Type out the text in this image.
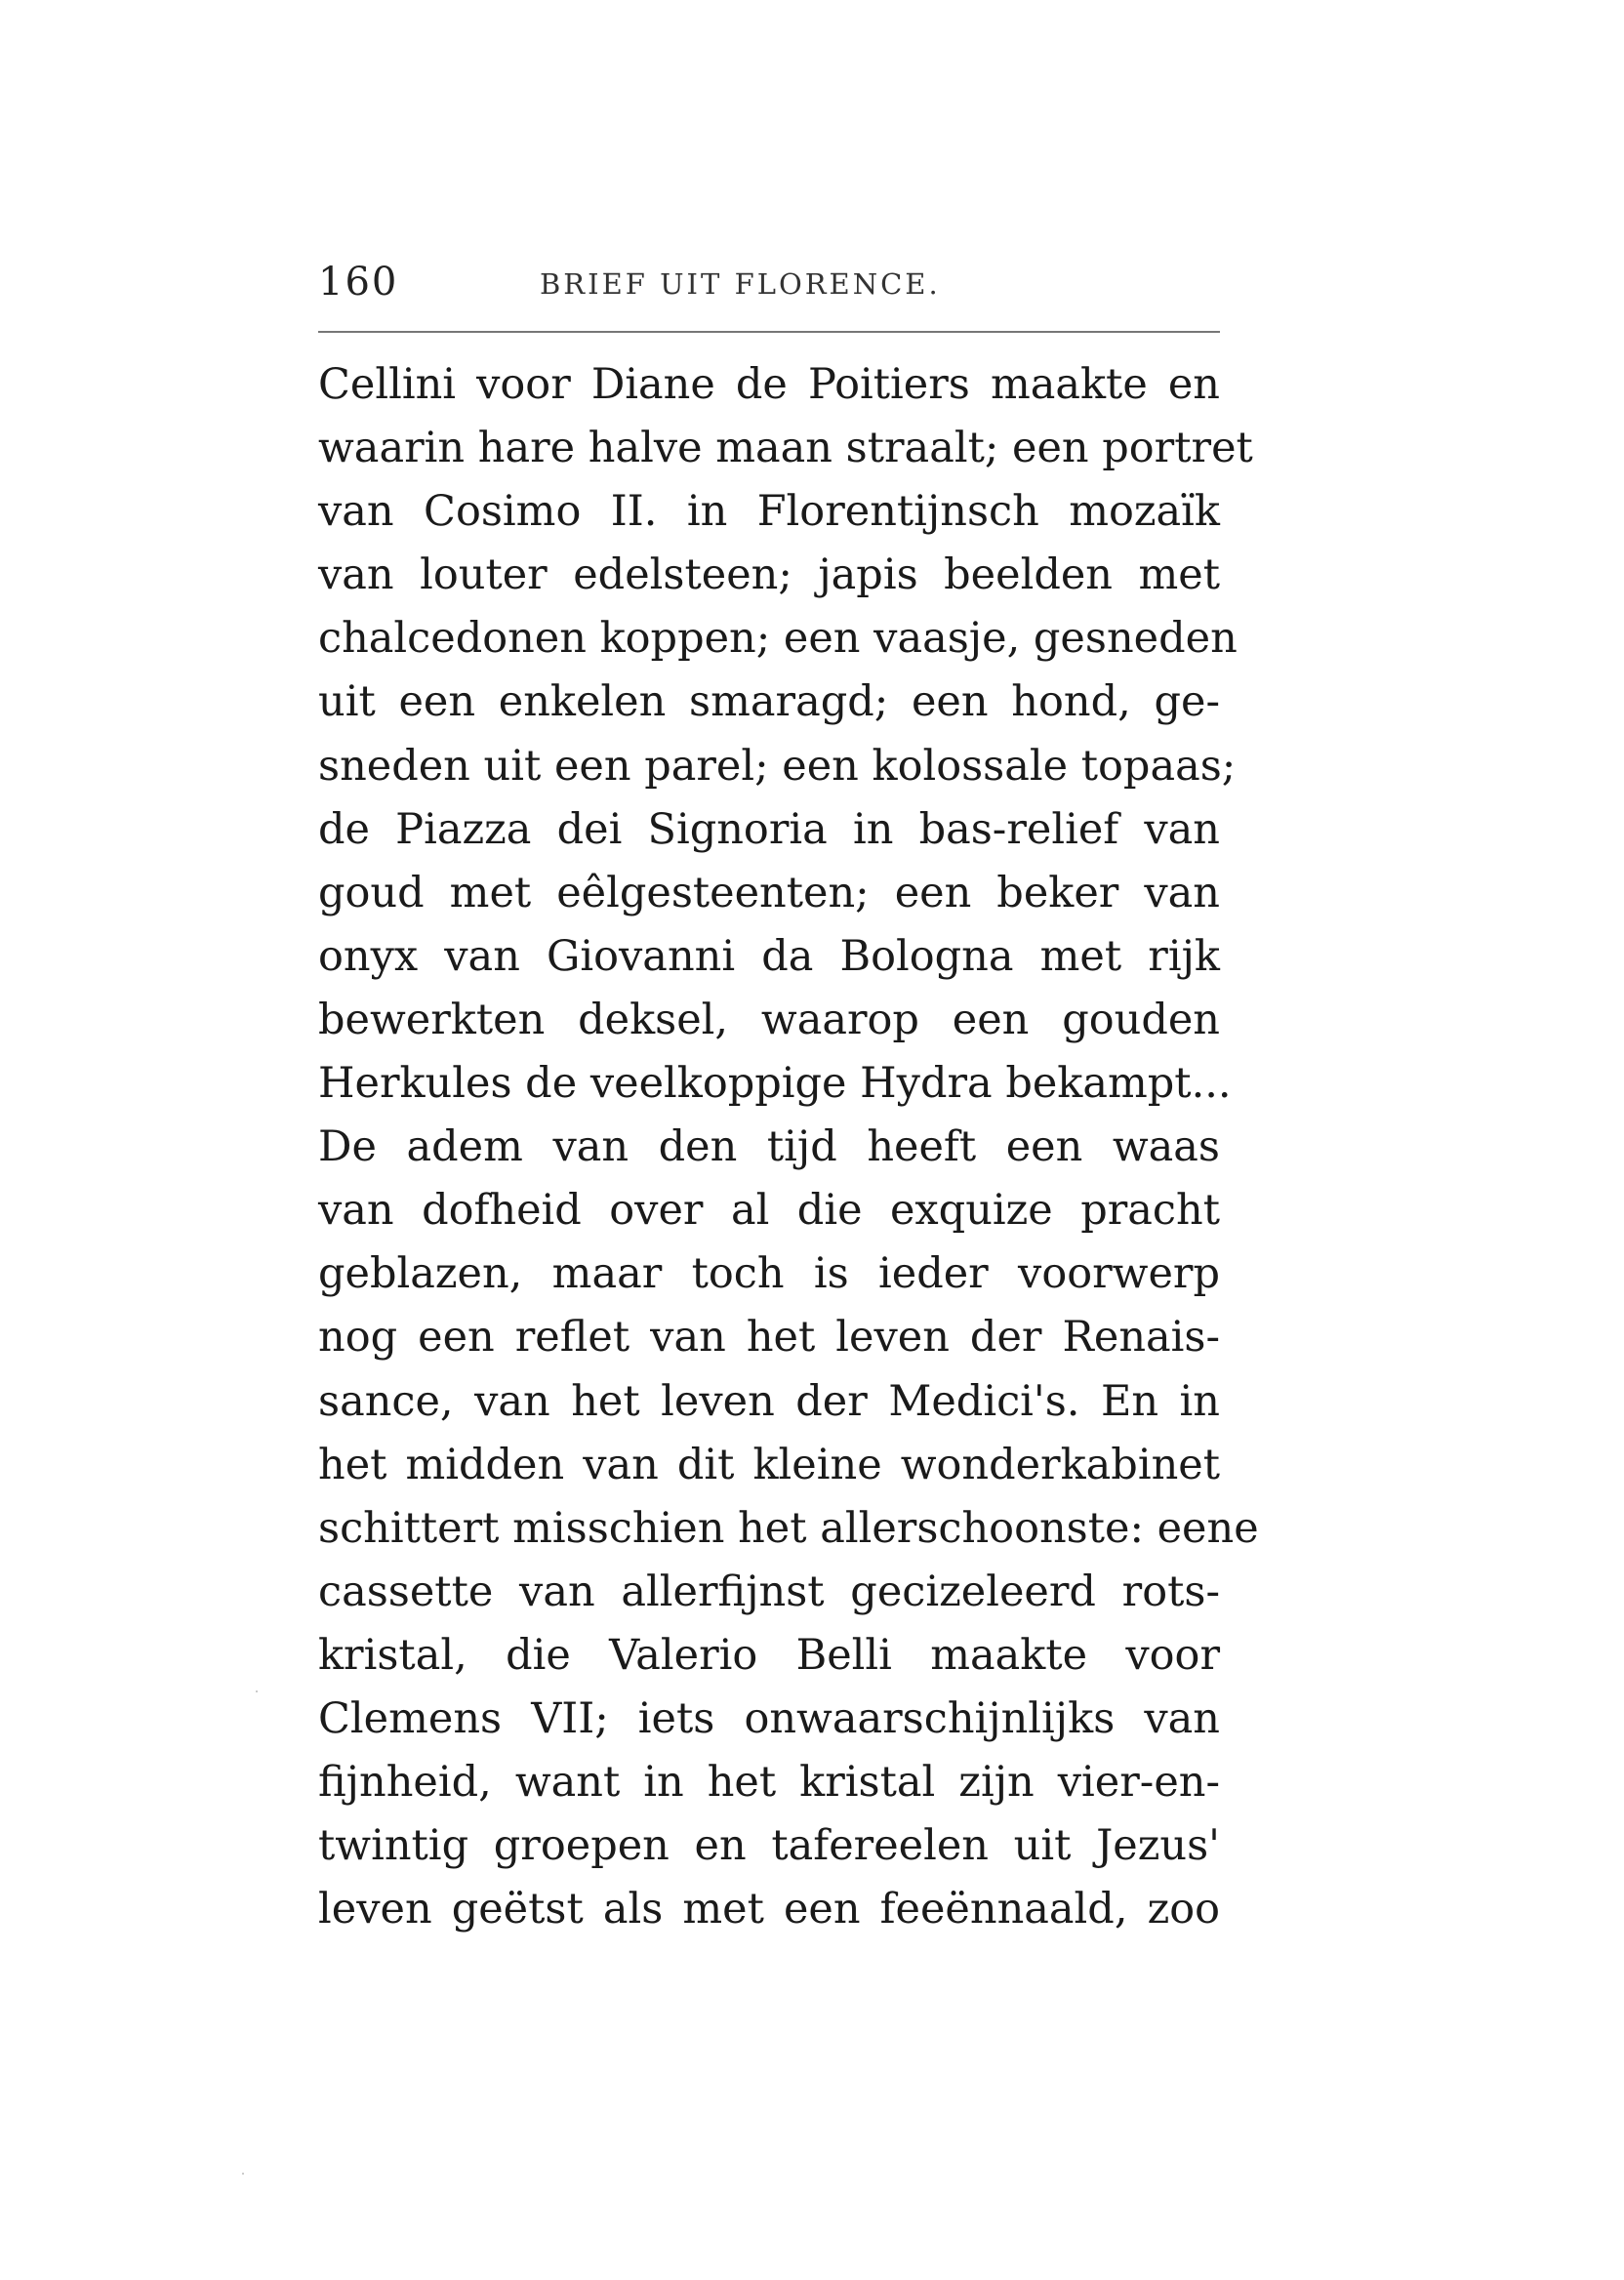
160	BRIEF UIT FLORENCE.
Cellini voor Diane de Poitiers maakte en
waarin hare halve maan straalt; een portret
van Cosimo II. in Florentijnsch mozaïk
van louter edelsteen; japis beelden met
chalcedonen koppen; een vaasje, gesneden
uit een enkelen smaragd; een hond, ge-
sneden uit een parel; een kolossale topaas;
de Piazza dei Signoria in bas-relief van
goud met eêlgesteenten; een beker van
onyx van Giovanni da Bologna met rijk
bewerkten deksel, waarop een gouden
Herkules de veelkoppige Hydra bekampt...
De adem van den tijd heeft een waas
van dofheid over al die exquize pracht
geblazen, maar toch is ieder voorwerp
nog een reflet van het leven der Renais-
sance, van het leven der Medici's. En in
het midden van dit kleine wonderkabinet
schittert misschien het allerschoonste: eene
cassette van allerfijnst gecizeleerd rots-
kristal, die Valerio Belli maakte voor
Clemens VII; iets onwaarschijnlijks van
fijnheid, want in het kristal zijn vier-en-
twintig groepen en tafereelen uit Jezus'
leven geëtst als met een feeënnaald, zoo
